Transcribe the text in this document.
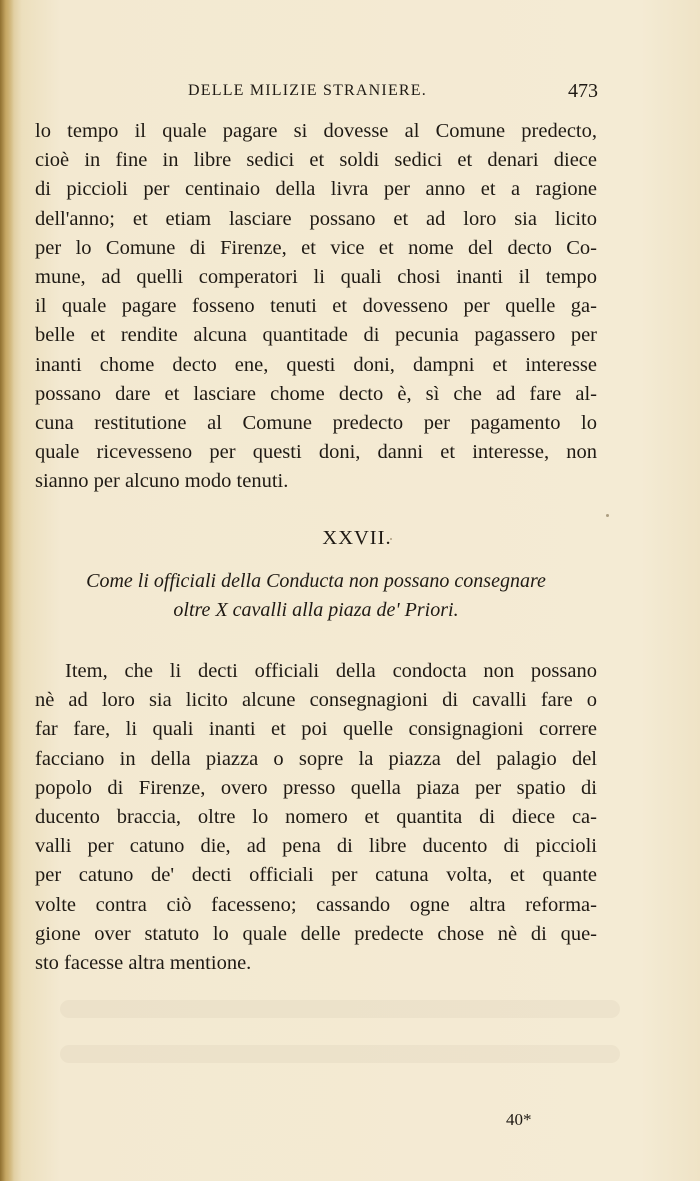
DELLE MILIZIE STRANIERE.	473
lo tempo il quale pagare si dovesse al Comune predecto,
cioè in fine in libre sedici et soldi sedici et denari diece
di piccioli per centinaio della livra per anno et a ragione
dell'anno; et etiam lasciare possano et ad loro sia licito
per lo Comune di Firenze, et vice et nome del decto Co-
mune, ad quelli comperatori li quali chosi inanti il tempo
il quale pagare fosseno tenuti et dovesseno per quelle ga-
belle et rendite alcuna quantitade di pecunia pagassero per
inanti chome decto ene, questi doni, dampni et interesse
possano dare et lasciare chome decto è, sì che ad fare al-
cuna restitutione al Comune predecto per pagamento lo
quale ricevesseno per questi doni, danni et interesse, non
sianno per alcuno modo tenuti.
XXVII.
Come li officiali della Conducta non possano consegnare
oltre X cavalli alla piaza de' Priori.
Item, che li decti officiali della condocta non possano
nè ad loro sia licito alcune consegnagioni di cavalli fare o
far fare, li quali inanti et poi quelle consignagioni correre
facciano in della piazza o sopre la piazza del palagio del
popolo di Firenze, overo presso quella piaza per spatio di
ducento braccia, oltre lo nomero et quantita di diece ca-
valli per catuno die, ad pena di libre ducento di piccioli
per catuno de' decti officiali per catuna volta, et quante
volte contra ciò facesseno; cassando ogne altra reforma-
gione over statuto lo quale delle predecte chose nè di que-
sto facesse altra mentione.
40*
